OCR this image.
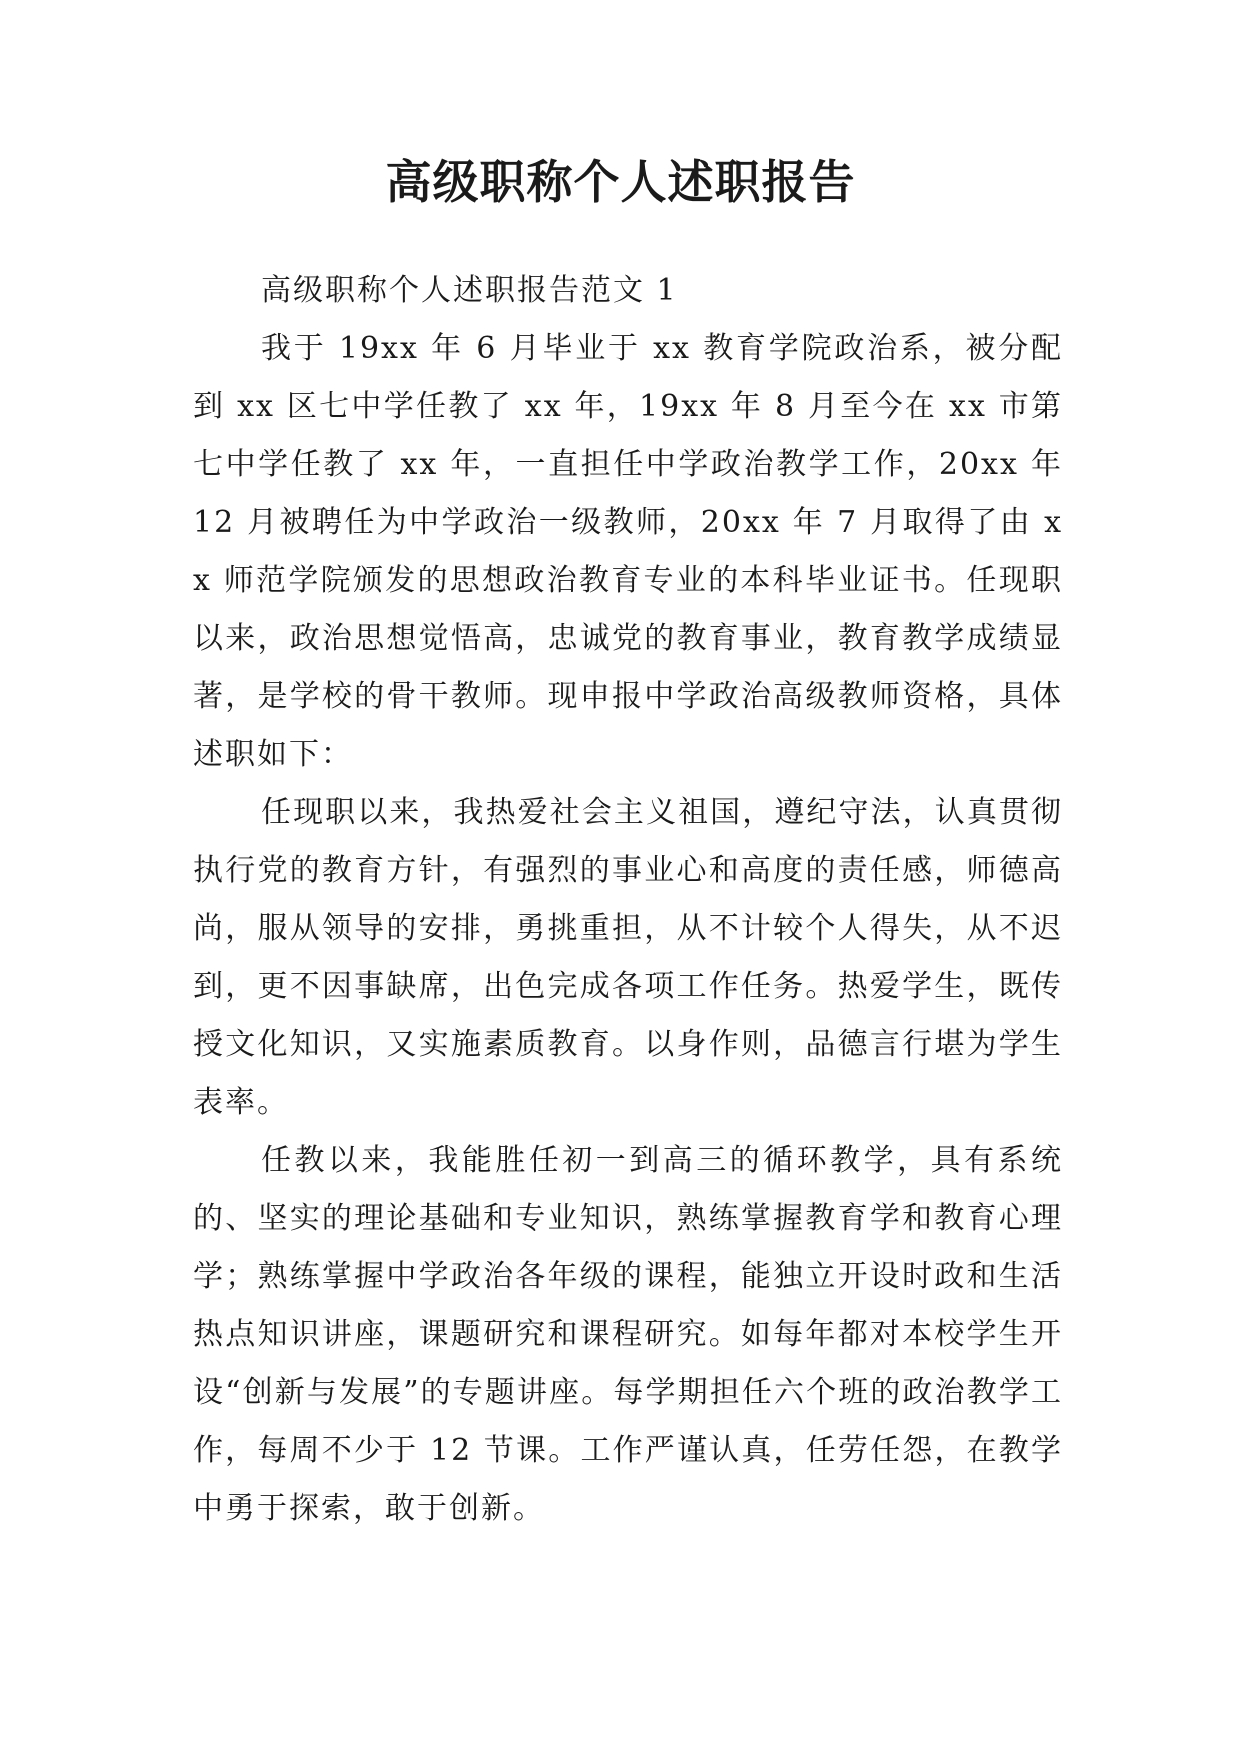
高级职称个人述职报告

高级职称个人述职报告范文 1

我于 19xx 年 6 月毕业于 xx 教育学院政治系，被分配到 xx 区七中学任教了 xx 年，19xx 年 8 月至今在 xx 市第七中学任教了 xx 年，一直担任中学政治教学工作，20xx 年 12 月被聘任为中学政治一级教师，20xx 年 7 月取得了由 xx 师范学院颁发的思想政治教育专业的本科毕业证书。任现职以来，政治思想觉悟高，忠诚党的教育事业，教育教学成绩显著，是学校的骨干教师。现申报中学政治高级教师资格，具体述职如下：

任现职以来，我热爱社会主义祖国，遵纪守法，认真贯彻执行党的教育方针，有强烈的事业心和高度的责任感，师德高尚，服从领导的安排，勇挑重担，从不计较个人得失，从不迟到，更不因事缺席，出色完成各项工作任务。热爱学生，既传授文化知识，又实施素质教育。以身作则，品德言行堪为学生表率。

任教以来，我能胜任初一到高三的循环教学，具有系统的、坚实的理论基础和专业知识，熟练掌握教育学和教育心理学；熟练掌握中学政治各年级的课程，能独立开设时政和生活热点知识讲座，课题研究和课程研究。如每年都对本校学生开设“创新与发展”的专题讲座。每学期担任六个班的政治教学工作，每周不少于 12 节课。工作严谨认真，任劳任怨，在教学中勇于探索，敢于创新。
